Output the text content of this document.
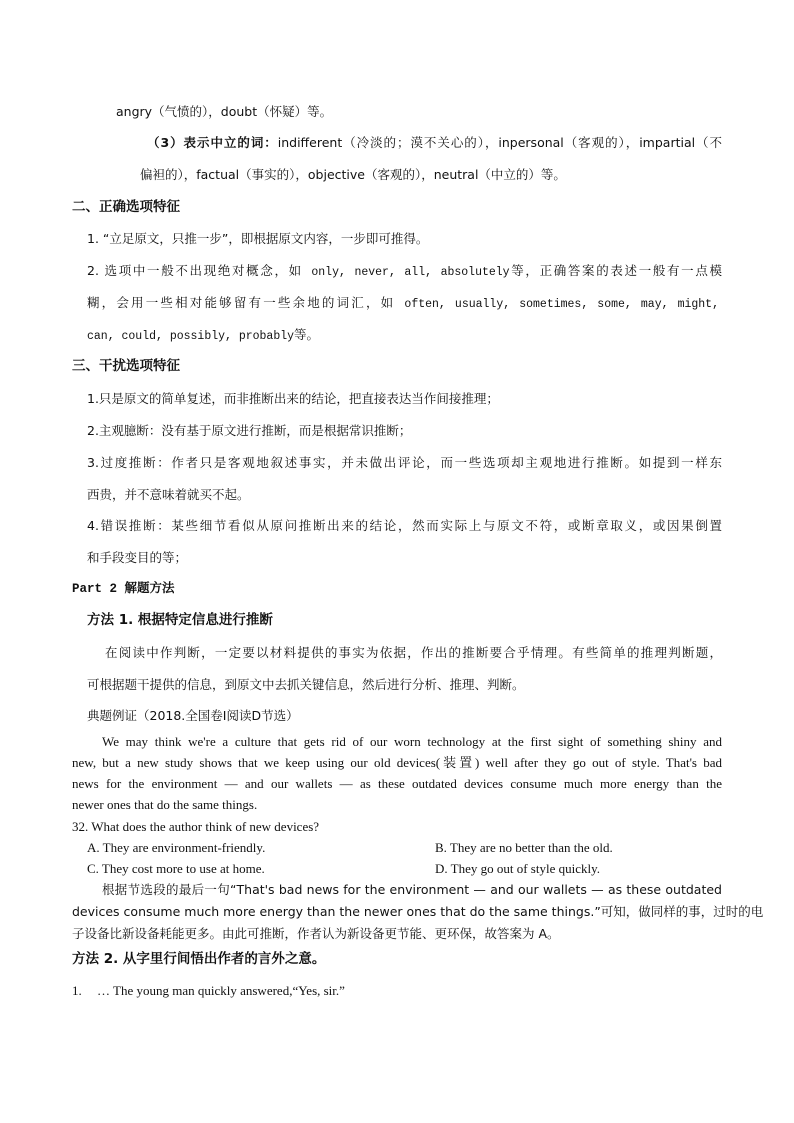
angry（气愤的），doubt（怀疑）等。
（3）表示中立的词：indifferent（冷淡的；漠不关心的），inpersonal（客观的），impartial（不
偏袒的），factual（事实的），objective（客观的），neutral（中立的）等。
二、正确选项特征
1. “立足原文，只推一步”，即根据原文内容，一步即可推得。
2. 选项中一般不出现绝对概念，如 only, never, all, absolutely等，正确答案的表述一般有一点模
糊，会用一些相对能够留有一些余地的词汇，如 often, usually, sometimes, some, may, might,
can, could, possibly, probably等。
三、干扰选项特征
1.只是原文的简单复述，而非推断出来的结论，把直接表达当作间接推理；
2.主观臆断：没有基于原文进行推断，而是根据常识推断；
3.过度推断：作者只是客观地叙述事实，并未做出评论，而一些选项却主观地进行推断。如提到一样东
西贵，并不意味着就买不起。
4.错误推断：某些细节看似从原问推断出来的结论，然而实际上与原文不符，或断章取义，或因果倒置
和手段变目的等；
Part 2 解题方法
方法 1. 根据特定信息进行推断
在阅读中作判断，一定要以材料提供的事实为依据，作出的推断要合乎情理。有些简单的推理判断题，
可根据题干提供的信息，到原文中去抓关键信息，然后进行分析、推理、判断。
典题例证（2018.全国卷Ⅰ阅读D节选）
We may think we're a culture that gets rid of our worn technology at the first sight of something shiny and
new, but a new study shows that we keep using our old devices(装置) well after they go out of style. That's bad
news for the environment — and our wallets — as these outdated devices consume much more energy than the
newer ones that do the same things.
32. What does the author think of new devices?
A. They are environment-friendly.	B. They are no better than the old.
C. They cost more to use at home.	D. They go out of style quickly.
根据节选段的最后一句“That's bad news for the environment — and our wallets — as these outdated
devices consume much more energy than the newer ones that do the same things.”可知，做同样的事，过时的电
子设备比新设备耗能更多。由此可推断，作者认为新设备更节能、更环保，故答案为 A。
方法 2. 从字里行间悟出作者的言外之意。
1. … The young man quickly answered,“Yes, sir.”
